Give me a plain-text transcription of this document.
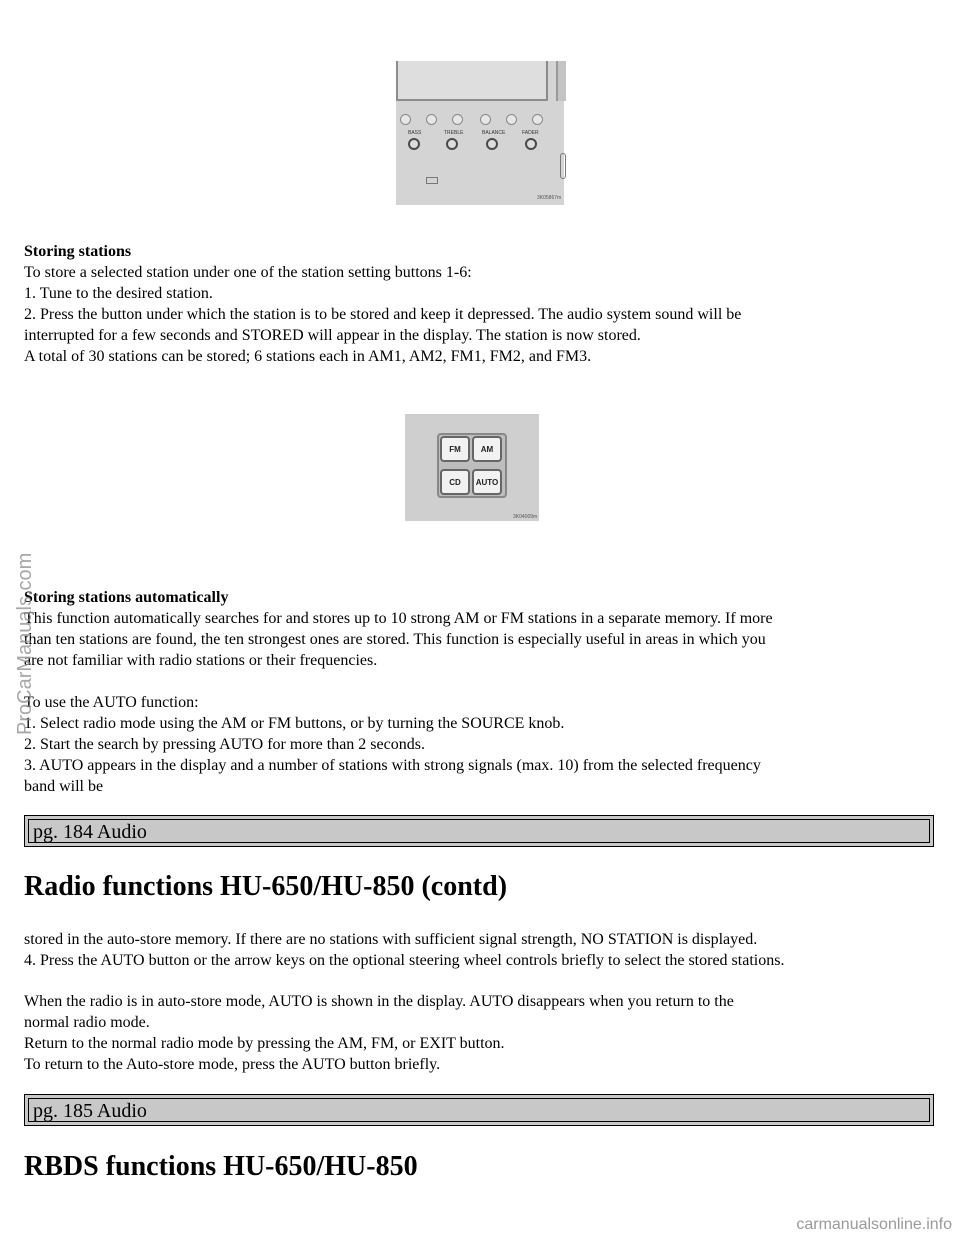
BASS	TREBLE	BALANCE	FADER
3K05867m
Storing stations
To store a selected station under one of the station setting buttons 1-6:
1. Tune to the desired station.
2. Press the button under which the station is to be stored and keep it depressed. The audio system sound will be
interrupted for a few seconds and STORED will appear in the display. The station is now stored.
A total of 30 stations can be stored; 6 stations each in AM1, AM2, FM1, FM2, and FM3.
FM	AM
CD	AUTO
3K04009m
Storing stations automatically
This function automatically searches for and stores up to 10 strong AM or FM stations in a separate memory. If more
than ten stations are found, the ten strongest ones are stored. This function is especially useful in areas in which you
are not familiar with radio stations or their frequencies.
To use the AUTO function:
1. Select radio mode using the AM or FM buttons, or by turning the SOURCE knob.
2. Start the search by pressing AUTO for more than 2 seconds.
3. AUTO appears in the display and a number of stations with strong signals (max. 10) from the selected frequency
band will be
pg. 184 Audio
Radio functions HU-650/HU-850 (contd)
stored in the auto-store memory. If there are no stations with sufficient signal strength, NO STATION is displayed.
4. Press the AUTO button or the arrow keys on the optional steering wheel controls briefly to select the stored stations.
When the radio is in auto-store mode, AUTO is shown in the display. AUTO disappears when you return to the
normal radio mode.
Return to the normal radio mode by pressing the AM, FM, or EXIT button.
To return to the Auto-store mode, press the AUTO button briefly.
pg. 185 Audio
RBDS functions HU-650/HU-850
ProCarManuals.com
carmanualsonline.info
